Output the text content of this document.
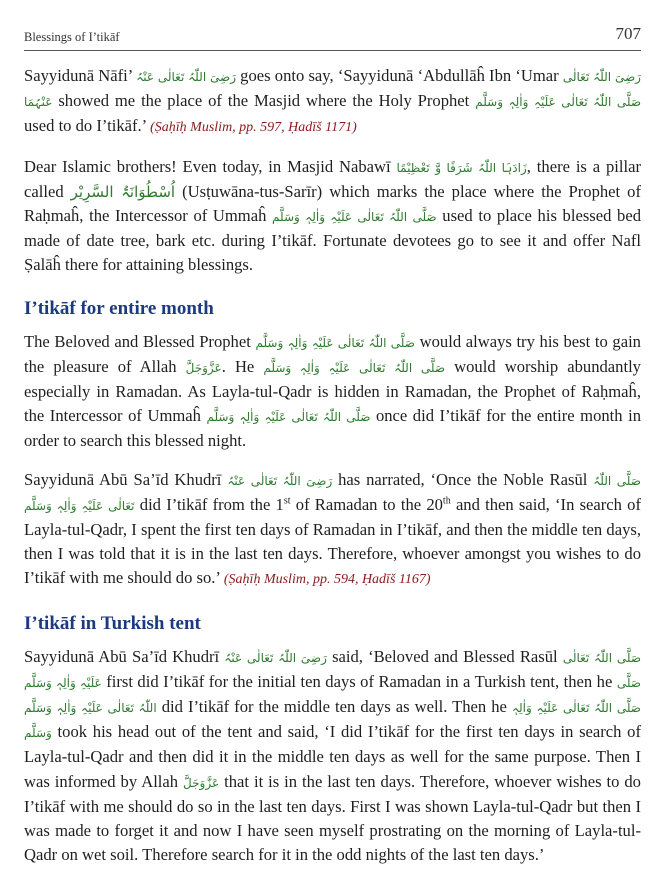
Blessings of I’tikāf	707

Sayyidunā Nāfi’ رَضِیَ اللّٰہُ تَعَالٰی عَنْہُ goes onto say, ‘Sayyidunā ‘Abdullāĥ Ibn ‘Umar رَضِیَ اللّٰہُ تَعَالٰی عَنْہُمَا showed me the place of the Masjid where the Holy Prophet صَلَّی اللّٰہُ تَعَالٰی عَلَیْہِ وَاٰلِہٖ وَسَلَّم used to do I’tikāf.’ (Ṣaḥīḥ Muslim, pp. 597, Ḥadīš 1171)

Dear Islamic brothers! Even today, in Masjid Nabawī زَادَہَا اللّٰہُ شَرَفًا وَّ تَعْظِیْمًا, there is a pillar called اُسْطُوَانَۃُ السَّرِیْر (Usṭuwāna-tus-Sarīr) which marks the place where the Prophet of Raḥmaĥ, the Intercessor of Ummaĥ صَلَّی اللّٰہُ تَعَالٰی عَلَیْہِ وَاٰلِہٖ وَسَلَّم used to place his blessed bed made of date tree, bark etc. during I’tikāf. Fortunate devotees go to see it and offer Nafl Ṣalāĥ there for attaining blessings.

I’tikāf for entire month

The Beloved and Blessed Prophet صَلَّی اللّٰہُ تَعَالٰی عَلَیْہِ وَاٰلِہٖ وَسَلَّم would always try his best to gain the pleasure of Allah عَزَّوَجَلَّ. He صَلَّی اللّٰہُ تَعَالٰی عَلَیْہِ وَاٰلِہٖ وَسَلَّم would worship abundantly especially in Ramadan. As Layla-tul-Qadr is hidden in Ramadan, the Prophet of Raḥmaĥ, the Intercessor of Ummaĥ صَلَّی اللّٰہُ تَعَالٰی عَلَیْہِ وَاٰلِہٖ وَسَلَّم once did I’tikāf for the entire month in order to search this blessed night.

Sayyidunā Abū Sa’īd Khudrī رَضِیَ اللّٰہُ تَعَالٰی عَنْہُ has narrated, ‘Once the Noble Rasūl صَلَّی اللّٰہُ تَعَالٰی عَلَیْہِ وَاٰلِہٖ وَسَلَّم did I’tikāf from the 1st of Ramadan to the 20th and then said, ‘In search of Layla-tul-Qadr, I spent the first ten days of Ramadan in I’tikāf, and then the middle ten days, then I was told that it is in the last ten days. Therefore, whoever amongst you wishes to do I’tikāf with me should do so.’ (Ṣaḥīḥ Muslim, pp. 594, Ḥadīš 1167)

I’tikāf in Turkish tent

Sayyidunā Abū Sa’īd Khudrī رَضِیَ اللّٰہُ تَعَالٰی عَنْہُ said, ‘Beloved and Blessed Rasūl صَلَّی اللّٰہُ تَعَالٰی عَلَیْہِ وَاٰلِہٖ وَسَلَّم first did I’tikāf for the initial ten days of Ramadan in a Turkish tent, then he صَلَّی اللّٰہُ تَعَالٰی عَلَیْہِ وَاٰلِہٖ وَسَلَّم did I’tikāf for the middle ten days as well. Then he صَلَّی اللّٰہُ تَعَالٰی عَلَیْہِ وَاٰلِہٖ وَسَلَّم took his head out of the tent and said, ‘I did I’tikāf for the first ten days in search of Layla-tul-Qadr and then did it in the middle ten days as well for the same purpose. Then I was informed by Allah عَزَّوَجَلَّ that it is in the last ten days. Therefore, whoever wishes to do I’tikāf with me should do so in the last ten days. First I was shown Layla-tul-Qadr but then I was made to forget it and now I have seen myself prostrating on the morning of Layla-tul-Qadr on wet soil. Therefore search for it in the odd nights of the last ten days.’
